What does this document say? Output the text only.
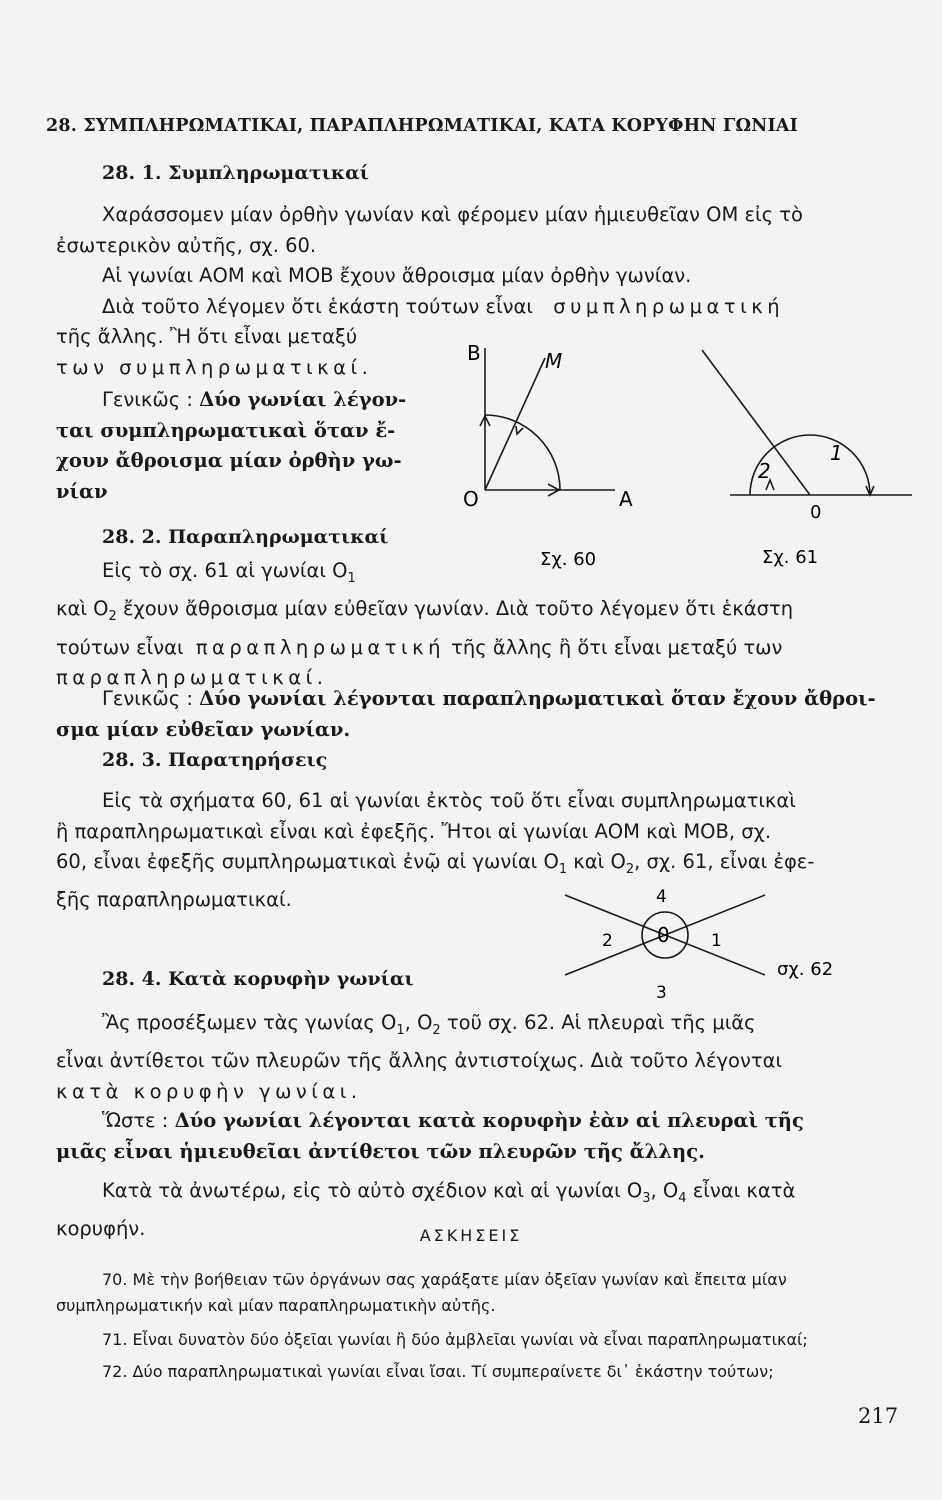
28. ΣΥΜΠΛΗΡΩΜΑΤΙΚΑΙ, ΠΑΡΑΠΛΗΡΩΜΑΤΙΚΑΙ, ΚΑΤΑ ΚΟΡΥΦΗΝ ΓΩΝΙΑΙ
28. 1. Συμπληρωματικαί
Χαράσσομεν μίαν ὀρθὴν γωνίαν καὶ φέρομεν μίαν ἡμιευθεῖαν ΟΜ εἰς τὸ
ἐσωτερικὸν αὐτῆς, σχ. 60.
Αἱ γωνίαι ΑΟΜ καὶ ΜΟΒ ἔχουν ἄθροισμα μίαν ὀρθὴν γωνίαν.
Διὰ τοῦτο λέγομεν ὅτι ἑκάστη τούτων εἶναι συμπληρωματική
τῆς ἄλλης. Ἢ ὅτι εἶναι μεταξύ
των συμπληρωματικαί.
Γενικῶς : Δύο γωνίαι λέγον-
ται συμπληρωματικαὶ ὅταν ἔ-
χουν ἄθροισμα μίαν ὀρθὴν γω-
νίαν
B	M
O	A
Σχ. 60
2
1
0
Σχ. 61
28. 2. Παραπληρωματικαί
Εἰς τὸ σχ. 61 αἱ γωνίαι $O_1$
καὶ $O_2$ ἔχουν ἄθροισμα μίαν εὐθεῖαν γωνίαν. Διὰ τοῦτο λέγομεν ὅτι ἑκάστη
τούτων εἶναι παραπληρωματική τῆς ἄλλης ἢ ὅτι εἶναι μεταξύ των
παραπληρωματικαί.
Γενικῶς : Δύο γωνίαι λέγονται παραπληρωματικαὶ ὅταν ἔχουν ἄθροι-
σμα μίαν εὐθεῖαν γωνίαν.
28. 3. Παρατηρήσεις
Εἰς τὰ σχήματα 60, 61 αἱ γωνίαι ἐκτὸς τοῦ ὅτι εἶναι συμπληρωματικαὶ
ἢ παραπληρωματικαὶ εἶναι καὶ ἐφεξῆς. Ἤτοι αἱ γωνίαι ΑΟΜ καὶ ΜΟΒ, σχ.
60, εἶναι ἐφεξῆς συμπληρωματικαὶ ἐνῷ αἱ γωνίαι $O_1$ καὶ $O_2$, σχ. 61, εἶναι ἐφε-
ξῆς παραπληρωματικαί.
0
4
1
2
3
σχ. 62
28. 4. Κατὰ κορυφὴν γωνίαι
Ἂς προσέξωμεν τὰς γωνίας $O_1$, $O_2$ τοῦ σχ. 62. Αἱ πλευραὶ τῆς μιᾶς
εἶναι ἀντίθετοι τῶν πλευρῶν τῆς ἄλλης ἀντιστοίχως. Διὰ τοῦτο λέγονται
κατὰ κορυφὴν γωνίαι.
Ὥστε : Δύο γωνίαι λέγονται κατὰ κορυφὴν ἐὰν αἱ πλευραὶ τῆς
μιᾶς εἶναι ἡμιευθεῖαι ἀντίθετοι τῶν πλευρῶν τῆς ἄλλης.
Κατὰ τὰ ἀνωτέρω, εἰς τὸ αὐτὸ σχέδιον καὶ αἱ γωνίαι $O_3$, $O_4$ εἶναι κατὰ
κορυφήν.	ΑΣΚΗΣΕΙΣ
70. Μὲ τὴν βοήθειαν τῶν ὀργάνων σας χαράξατε μίαν ὀξεῖαν γωνίαν καὶ ἔπειτα μίαν
συμπληρωματικήν καὶ μίαν παραπληρωματικὴν αὐτῆς.
71. Εἶναι δυνατὸν δύο ὀξεῖαι γωνίαι ἢ δύο ἀμβλεῖαι γωνίαι νὰ εἶναι παραπληρωματικαί;
72. Δύο παραπληρωματικαὶ γωνίαι εἶναι ἴσαι. Τί συμπεραίνετε δι᾿ ἑκάστην τούτων;
217
